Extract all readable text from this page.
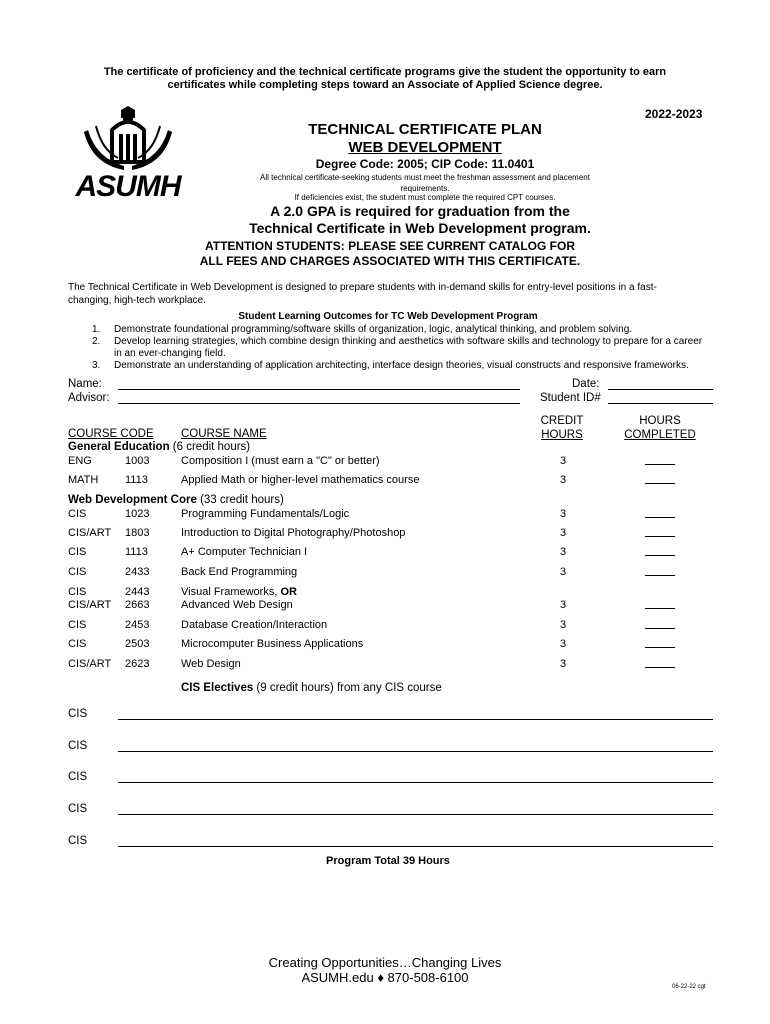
The certificate of proficiency and the technical certificate programs give the student the opportunity to earn certificates while completing steps toward an Associate of Applied Science degree.
2022-2023
ASUMH
TECHNICAL CERTIFICATE PLAN
WEB DEVELOPMENT
Degree Code: 2005; CIP Code: 11.0401
All technical certificate-seeking students must meet the freshman assessment and placement requirements.
If deficiencies exist, the student must complete the required CPT courses.
A 2.0 GPA is required for graduation from the
Technical Certificate in Web Development program.
ATTENTION STUDENTS: PLEASE SEE CURRENT CATALOG FOR
ALL FEES AND CHARGES ASSOCIATED WITH THIS CERTIFICATE.
The Technical Certificate in Web Development is designed to prepare students with in-demand skills for entry-level positions in a fast-changing, high-tech workplace.
Student Learning Outcomes for TC Web Development Program
1. Demonstrate foundational programming/software skills of organization, logic, analytical thinking, and problem solving.
2. Develop learning strategies, which combine design thinking and aesthetics with software skills and technology to prepare for a career in an ever-changing field.
3. Demonstrate an understanding of application architecting, interface design theories, visual constructs and responsive frameworks.
Name:
Advisor:
Date:
Student ID#
CREDIT
HOURS
HOURS
COMPLETED
COURSE CODE COURSE NAME
General Education (6 credit hours)
ENG	1003	Composition I (must earn a "C" or better)	3
MATH 1113	Applied Math or higher-level mathematics course	3
Web Development Core (33 credit hours)
CIS	1023	Programming Fundamentals/Logic	3
CIS/ART 1803	Introduction to Digital Photography/Photoshop	3
CIS	1113	A+ Computer Technician I	3
CIS	2433	Back End Programming	3
CIS	2443	Visual Frameworks, OR
CIS/ART 2663	Advanced Web Design	3
CIS	2453	Database Creation/Interaction	3
CIS	2503	Microcomputer Business Applications	3
CIS/ART 2623	Web Design	3
CIS Electives (9 credit hours) from any CIS course
CIS
CIS
CIS
CIS
CIS
Program Total 39 Hours
Creating Opportunities…Changing Lives
ASUMH.edu ♦ 870-508-6100
06-22-22 cgt
